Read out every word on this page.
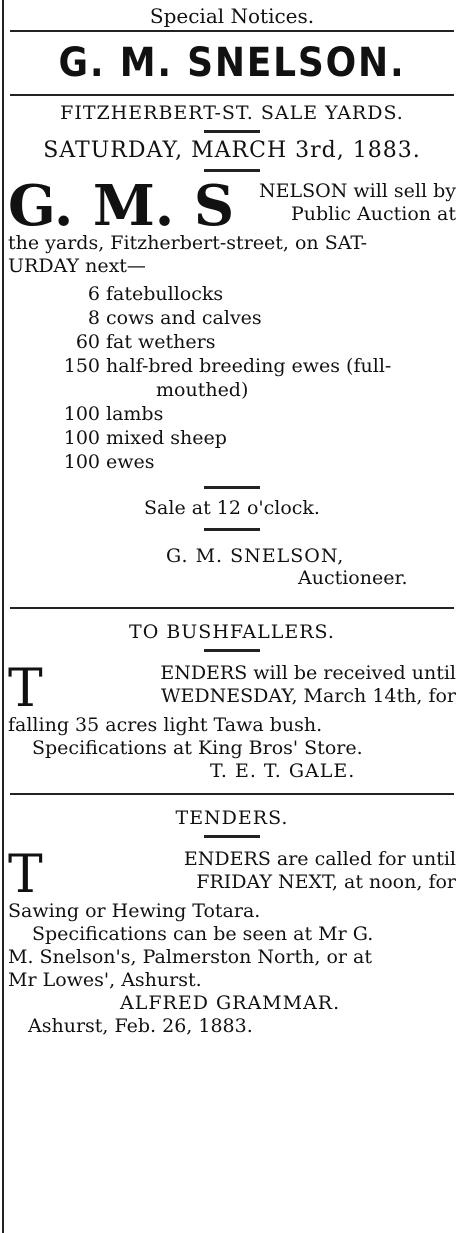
Special Notices.
G. M. SNELSON.
FITZHERBERT-ST. SALE YARDS.
SATURDAY, MARCH 3rd, 1883.
G. M. S	NELSON will sell by
Public Auction at
the yards, Fitzherbert-street, on SAT-
URDAY next—
6 fatebullocks
8 cows and calves
60 fat wethers
150 half-bred breeding ewes (full-
mouthed)
100 lambs
100 mixed sheep
100 ewes
Sale at 12 o'clock.
G. M. SNELSON,
Auctioneer.
TO BUSHFALLERS.
T	ENDERS will be received until
WEDNESDAY, March 14th, for
falling 35 acres light Tawa bush.
Specifications at King Bros' Store.
T. E. T. GALE.
TENDERS.
T	ENDERS are called for until
FRIDAY NEXT, at noon, for
Sawing or Hewing Totara.
Specifications can be seen at Mr G.
M. Snelson's, Palmerston North, or at
Mr Lowes', Ashurst.
ALFRED GRAMMAR.
Ashurst, Feb. 26, 1883.
